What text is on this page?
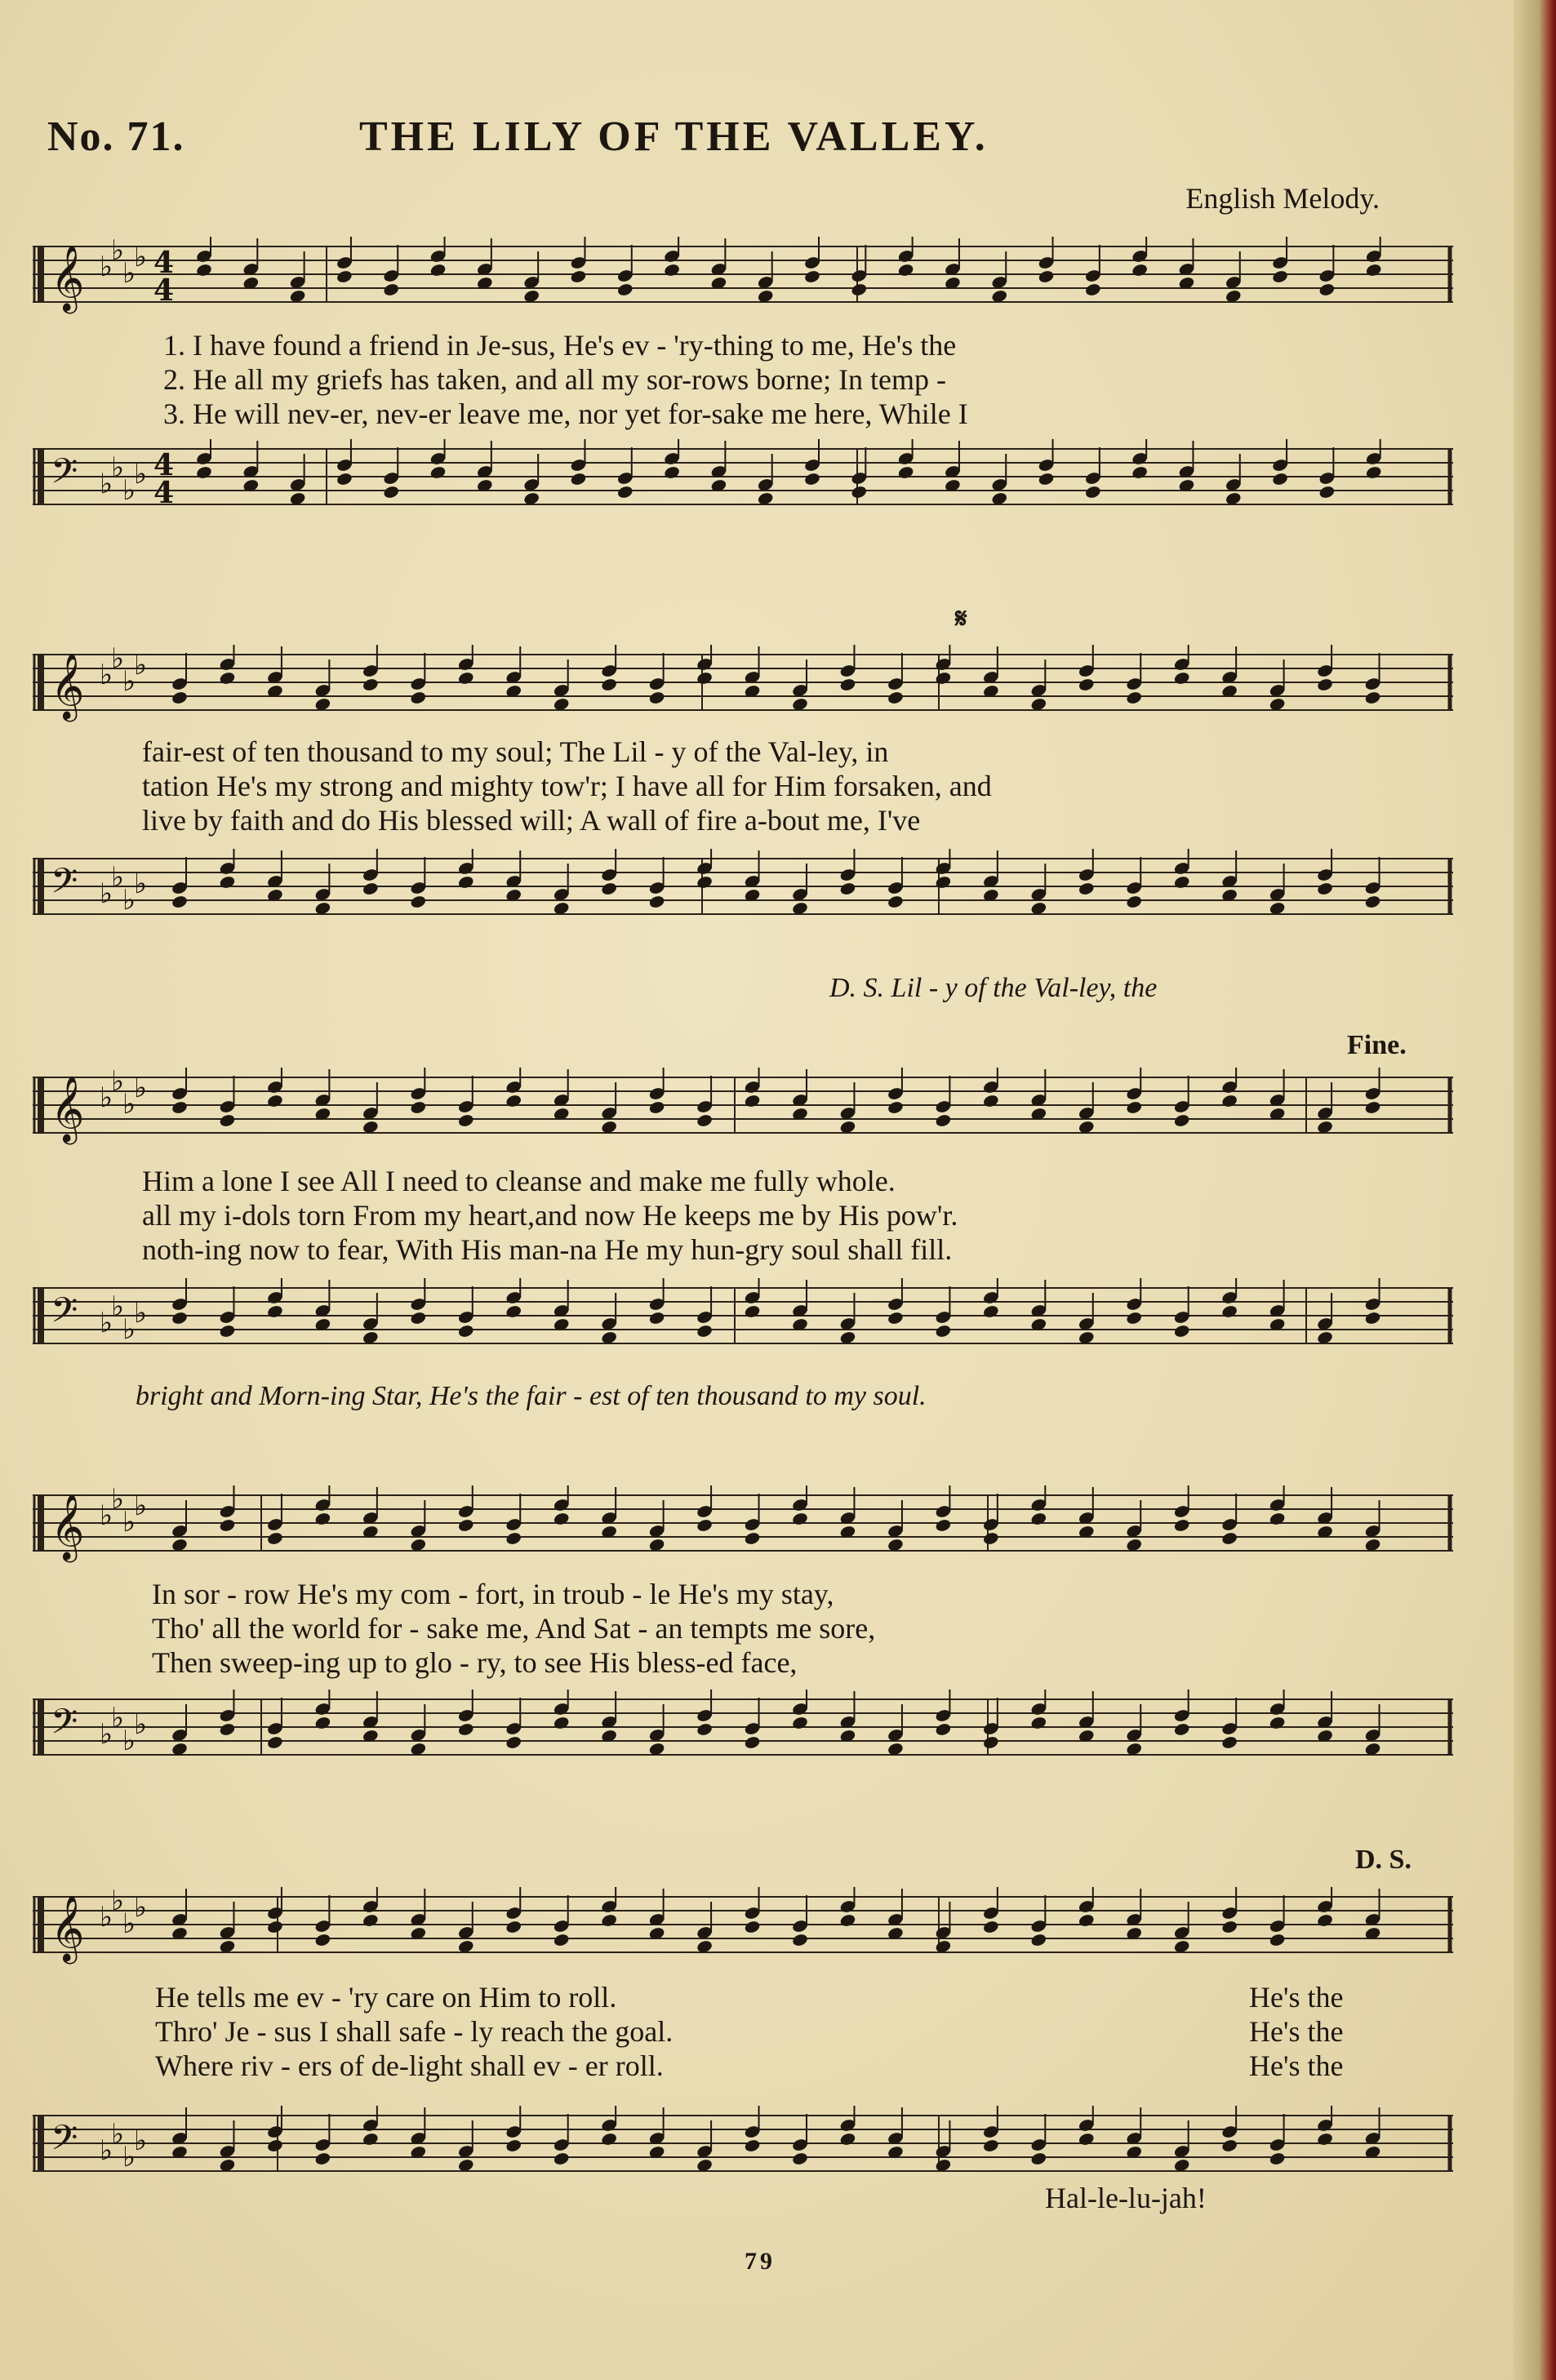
No. 71.	THE LILY OF THE VALLEY.
English Melody.
𝄞 ♭
♭
♭
♭ 4
4
1. I have found a friend in Je-sus, He's ev - 'ry-thing to me, He's the
2. He all my griefs has taken, and all my sor-rows borne; In temp -
3. He will nev-er, nev-er leave me, nor yet for-sake me here, While I
𝄢 ♭
♭
♭
♭ 4
4
𝄋
𝄞 ♭
♭
♭
♭
fair-est of ten thousand to my soul; The Lil - y of the Val-ley, in
tation He's my strong and mighty tow'r; I have all for Him forsaken, and
live by faith and do His blessed will; A wall of fire a-bout me, I've
𝄢 ♭
♭
♭
♭
D. S. Lil - y of the Val-ley, the
Fine.
𝄞 ♭
♭
♭
♭
Him a lone I see All I need to cleanse and make me fully whole.
all my i-dols torn From my heart,and now He keeps me by His pow'r.
noth-ing now to fear, With His man-na He my hun-gry soul shall fill.
𝄢 ♭
♭
♭
♭
bright and Morn-ing Star, He's the fair - est of ten thousand to my soul.
𝄞 ♭
♭
♭
♭
In sor - row He's my com - fort, in troub - le He's my stay,
Tho' all the world for - sake me, And Sat - an tempts me sore,
Then sweep-ing up to glo - ry, to see His bless-ed face,
𝄢 ♭
♭
♭
♭
D. S.
𝄞 ♭
♭
♭
♭
He tells me ev - 'ry care on Him to roll.
Thro' Je - sus I shall safe - ly reach the goal.
Where riv - ers of de-light shall ev - er roll.
He's the
He's the
He's the
𝄢 ♭
♭
♭
♭
Hal-le-lu-jah!
79
